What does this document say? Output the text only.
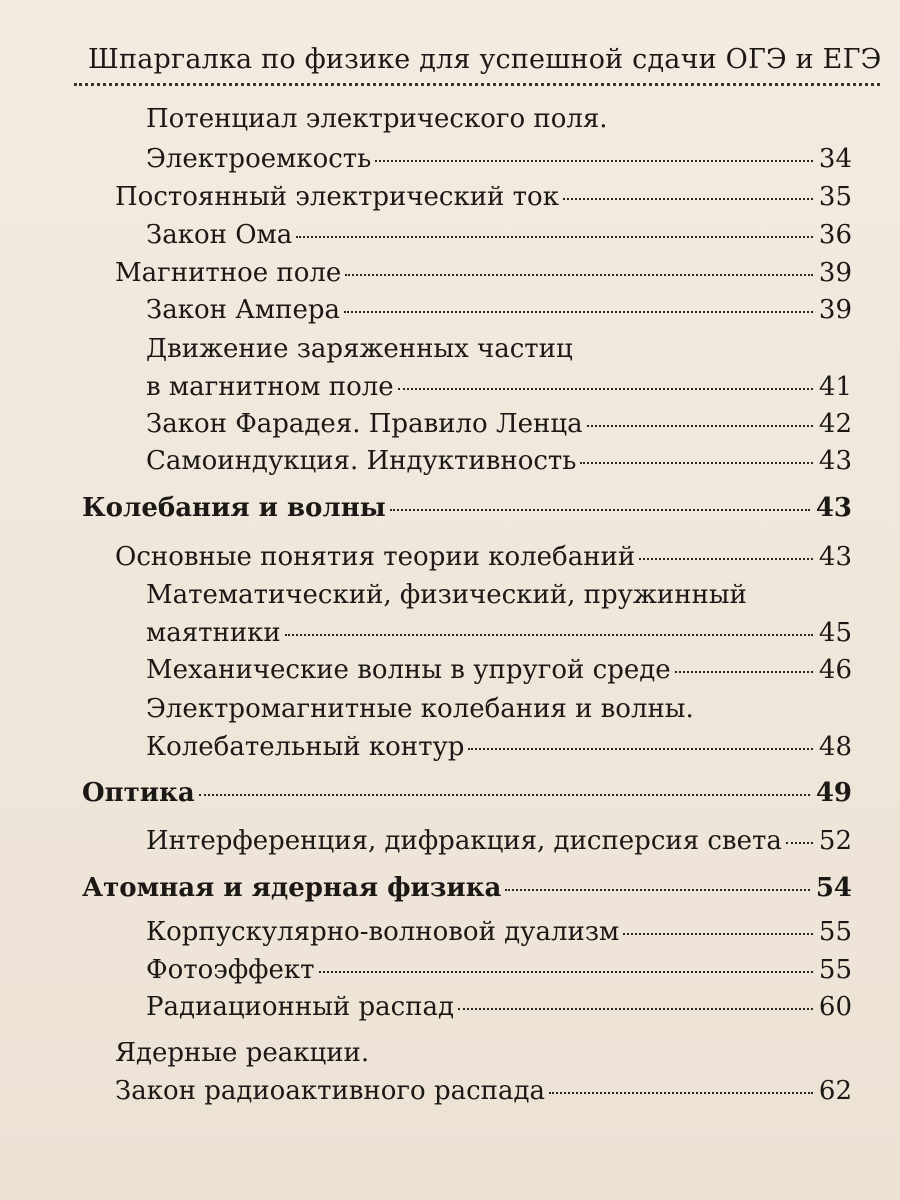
Шпаргалка по физике для успешной сдачи ОГЭ и ЕГЭ
Потенциал электрического поля.
Электроемкость	34
Постоянный электрический ток	35
Закон Ома	36
Магнитное поле	39
Закон Ампера	39
Движение заряженных частиц
в магнитном поле	41
Закон Фарадея. Правило Ленца	42
Самоиндукция. Индуктивность	43
Колебания и волны	43
Основные понятия теории колебаний	43
Математический, физический, пружинный
маятники	45
Механические волны в упругой среде	46
Электромагнитные колебания и волны.
Колебательный контур	48
Оптика	49
Интерференция, дифракция, дисперсия света 52
Атомная и ядерная физика	54
Корпускулярно-волновой дуализм	55
Фотоэффект	55
Радиационный распад	60
Ядерные реакции.
Закон радиоактивного распада	62
